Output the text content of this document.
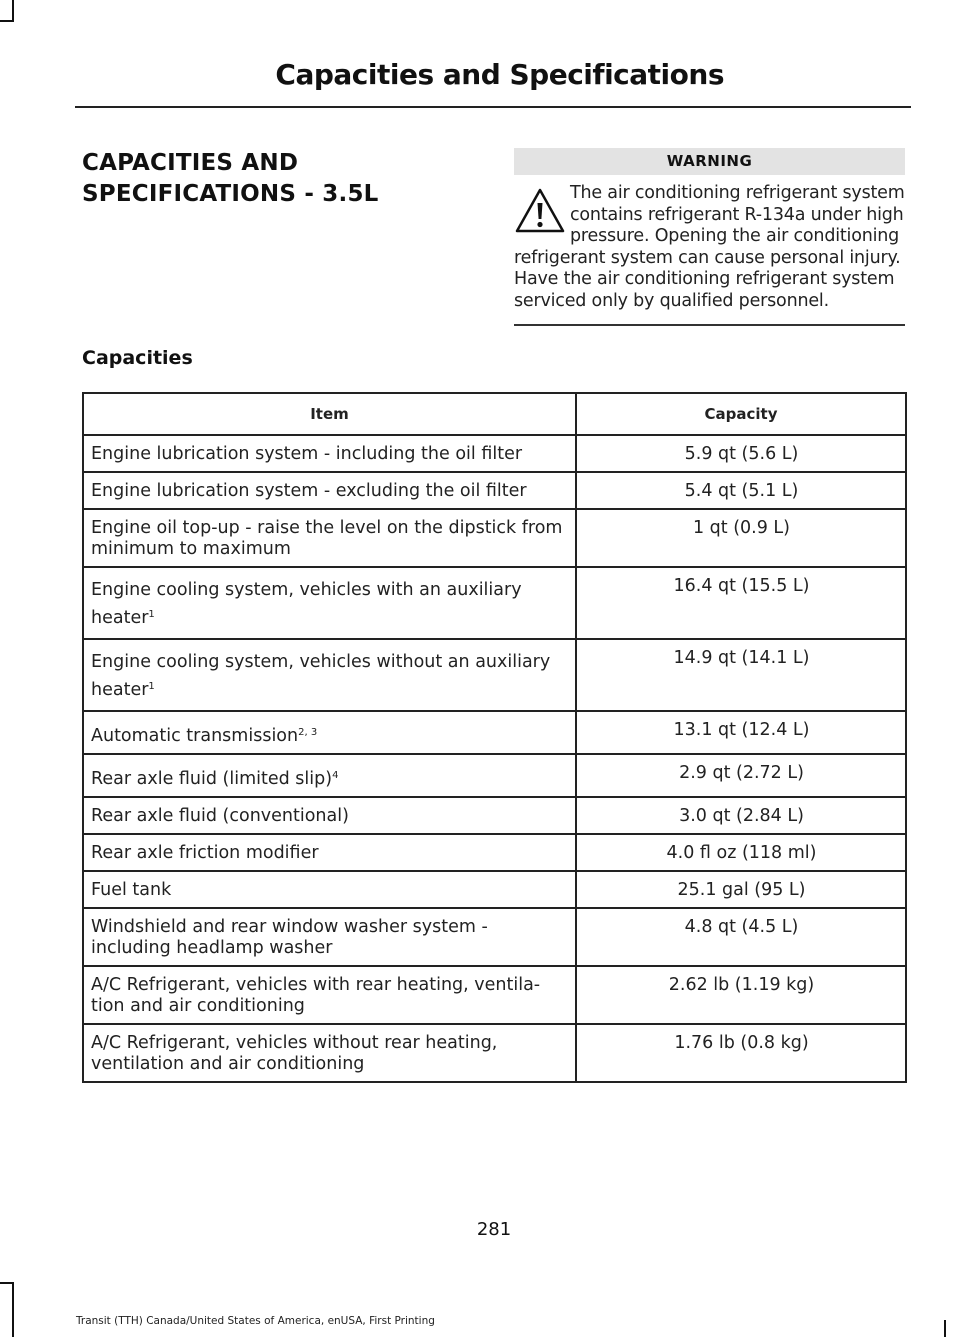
Capacities and Specifications
CAPACITIES AND SPECIFICATIONS - 3.5L
WARNING
The air conditioning refrigerant system contains refrigerant R-134a under high pressure. Opening the air conditioning refrigerant system can cause personal injury. Have the air conditioning refrigerant system serviced only by qualified personnel.
Capacities
Item	Capacity
Engine lubrication system - including the oil filter	5.9 qt (5.6 L)
Engine lubrication system - excluding the oil filter	5.4 qt (5.1 L)
Engine oil top-up - raise the level on the dipstick from minimum to maximum	1 qt (0.9 L)
Engine cooling system, vehicles with an auxiliary heater$^1$	16.4 qt (15.5 L)
Engine cooling system, vehicles without an auxiliary heater$^1$	14.9 qt (14.1 L)
Automatic transmission$^{2, 3}$	13.1 qt (12.4 L)
Rear axle fluid (limited slip)$^4$	2.9 qt (2.72 L)
Rear axle fluid (conventional)	3.0 qt (2.84 L)
Rear axle friction modifier	4.0 fl oz (118 ml)
Fuel tank	25.1 gal (95 L)
Windshield and rear window washer system - including headlamp washer	4.8 qt (4.5 L)
A/C Refrigerant, vehicles with rear heating, ventila-tion and air conditioning	2.62 lb (1.19 kg)
A/C Refrigerant, vehicles without rear heating, ventilation and air conditioning	1.76 lb (0.8 kg)
281
Transit (TTH) Canada/United States of America, enUSA, First Printing
